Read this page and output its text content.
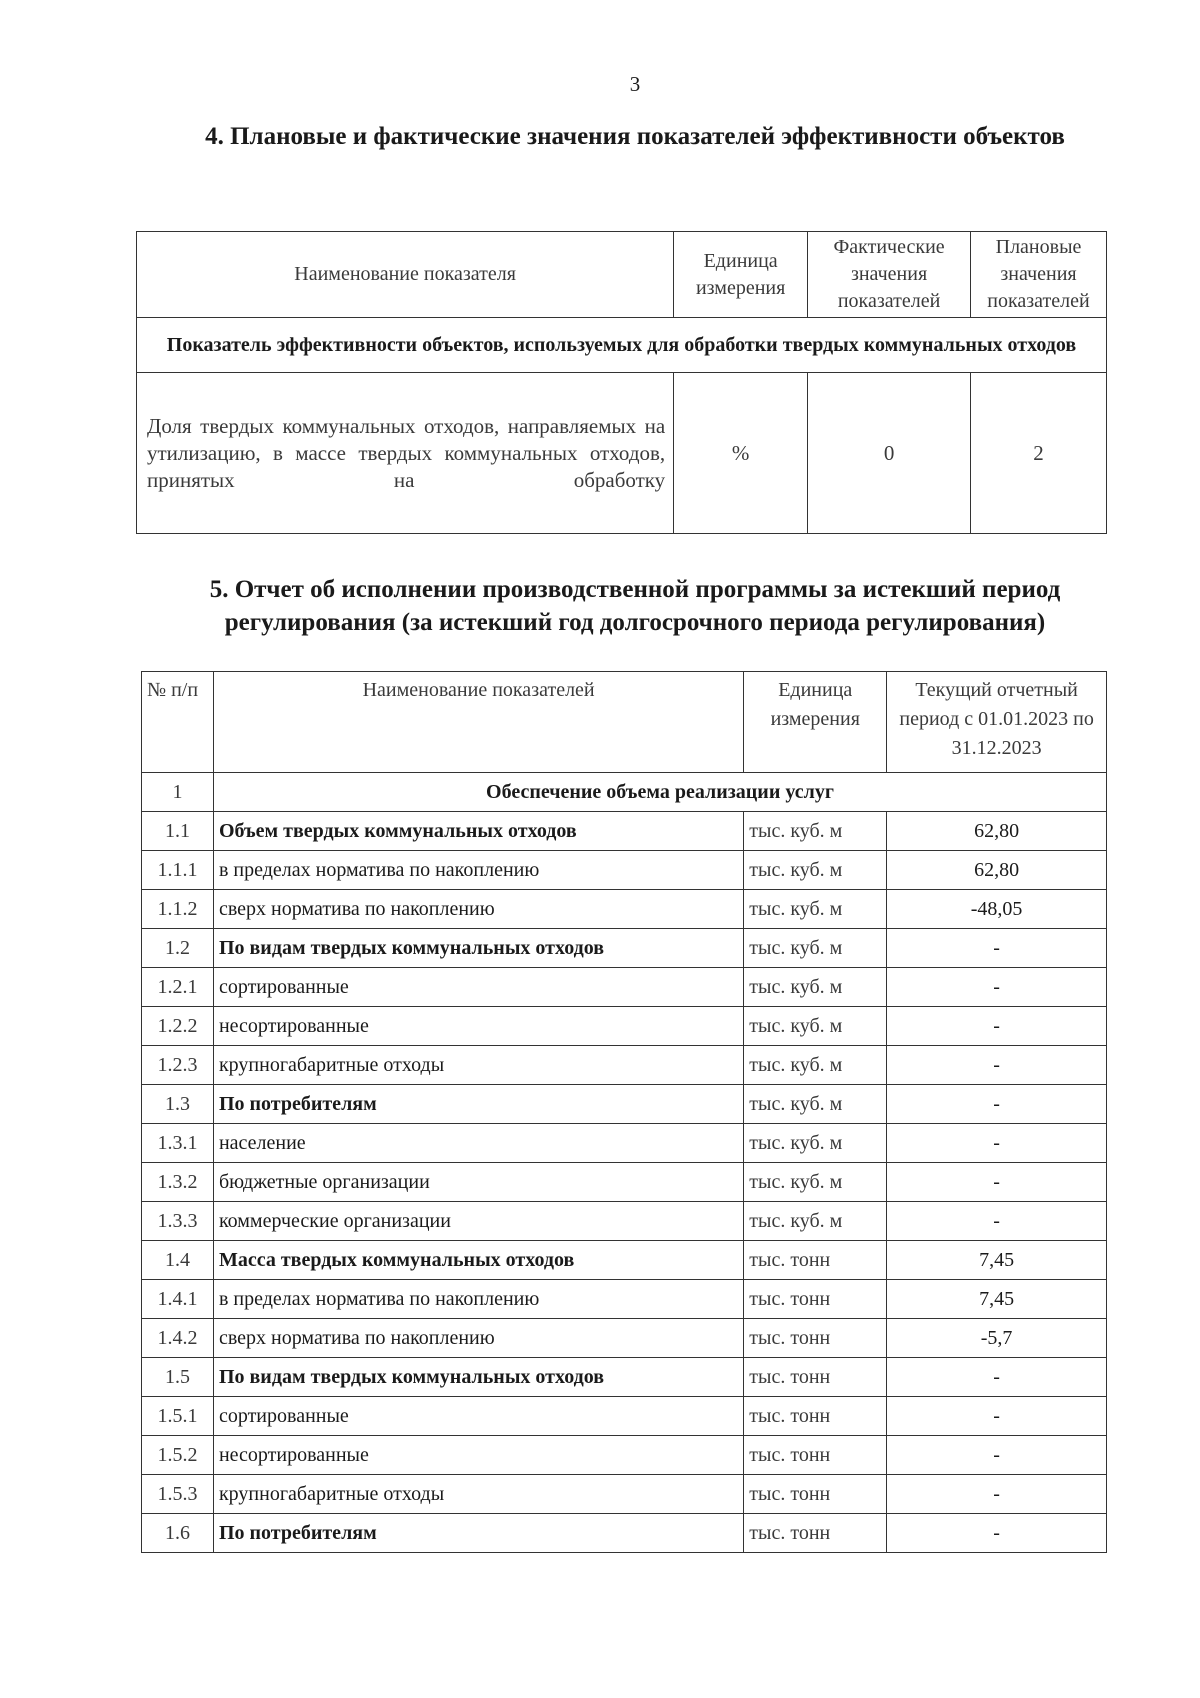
3
4. Плановые и фактические значения показателей эффективности объектов
Наименование показателя	Единица измерения	Фактические значения показателей	Плановые значения показателей
Показатель эффективности объектов, используемых для обработки твердых коммунальных отходов			
Доля твердых коммунальных отходов, направляемых на утилизацию, в массе твердых коммунальных отходов, принятых на обработку	%	0	2
5. Отчет об исполнении производственной программы за истекший период регулирования (за истекший год долгосрочного периода регулирования)
№ п/п	Наименование показателей	Единица измерения	Текущий отчетный период с 01.01.2023 по 31.12.2023
1	Обеспечение объема реализации услуг		
1.1	Объем твердых коммунальных отходов	тыс. куб. м	62,80
1.1.1	в пределах норматива по накоплению	тыс. куб. м	62,80
1.1.2	сверх норматива по накоплению	тыс. куб. м	-48,05
1.2	По видам твердых коммунальных отходов	тыс. куб. м	-
1.2.1	сортированные	тыс. куб. м	-
1.2.2	несортированные	тыс. куб. м	-
1.2.3	крупногабаритные отходы	тыс. куб. м	-
1.3	По потребителям	тыс. куб. м	-
1.3.1	население	тыс. куб. м	-
1.3.2	бюджетные организации	тыс. куб. м	-
1.3.3	коммерческие организации	тыс. куб. м	-
1.4	Масса твердых коммунальных отходов	тыс. тонн	7,45
1.4.1	в пределах норматива по накоплению	тыс. тонн	7,45
1.4.2	сверх норматива по накоплению	тыс. тонн	-5,7
1.5	По видам твердых коммунальных отходов	тыс. тонн	-
1.5.1	сортированные	тыс. тонн	-
1.5.2	несортированные	тыс. тонн	-
1.5.3	крупногабаритные отходы	тыс. тонн	-
1.6	По потребителям	тыс. тонн	-
